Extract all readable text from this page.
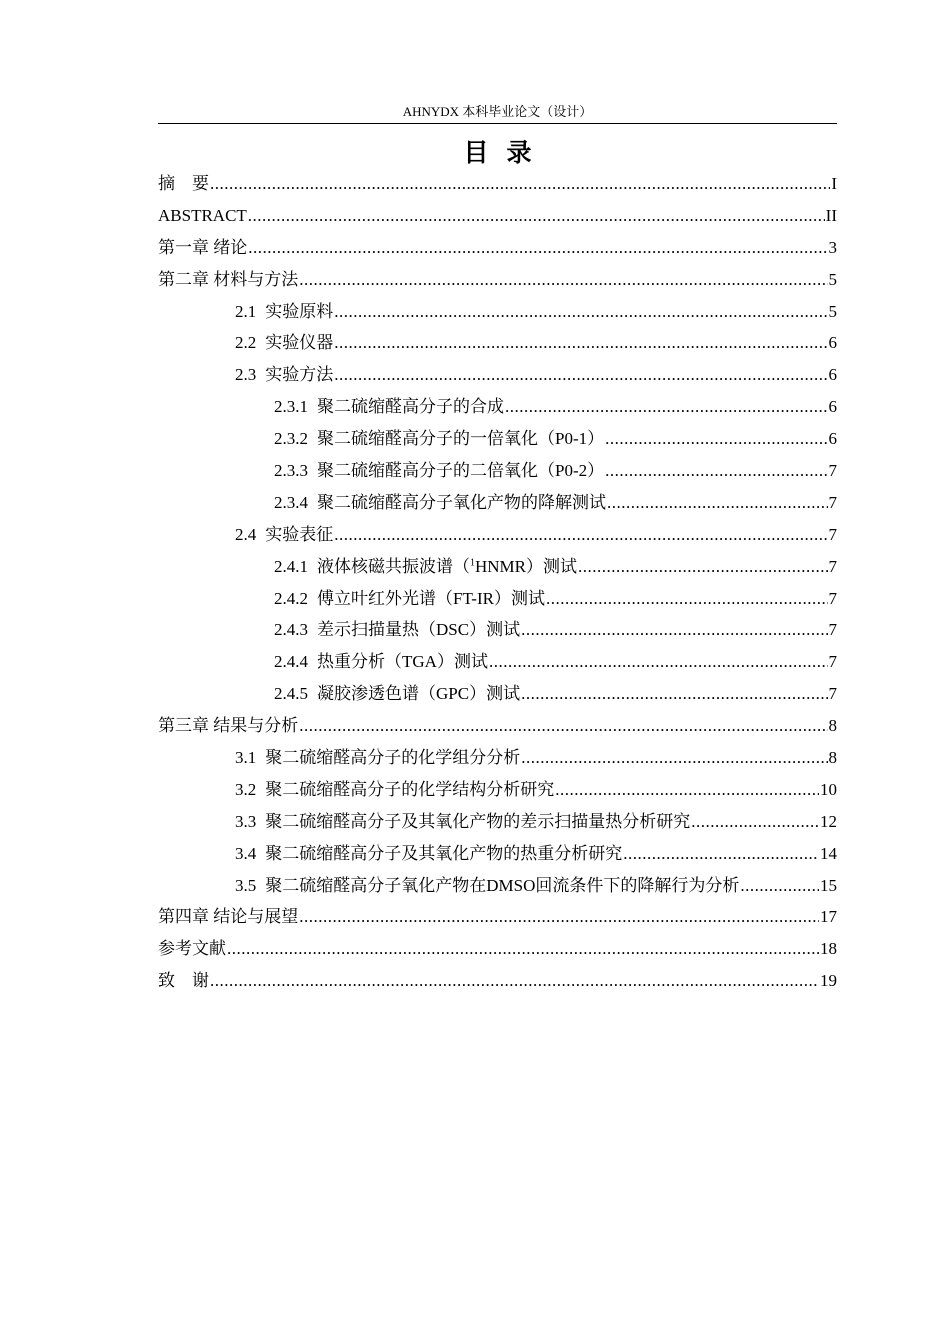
AHNYDX 本科毕业论文（设计）
目录
摘　要 .....	I
ABSTRACT .....	II
第一章 绪论 .....	3
第二章 材料与方法 .....	5
2.1 实验原料 .....	5
2.2 实验仪器 .....	6
2.3 实验方法 .....	6
2.3.1 聚二硫缩醛高分子的合成 .....	6
2.3.2 聚二硫缩醛高分子的一倍氧化（P0-1） .....	6
2.3.3 聚二硫缩醛高分子的二倍氧化（P0-2） .....	7
2.3.4 聚二硫缩醛高分子氧化产物的降解测试 .....	7
2.4 实验表征 .....	7
2.4.1 液体核磁共振波谱（$^1$HNMR）测试 .....	7
2.4.2 傅立叶红外光谱（FT-IR）测试 .....	7
2.4.3 差示扫描量热（DSC）测试 .....	7
2.4.4 热重分析（TGA）测试 .....	7
2.4.5 凝胶渗透色谱（GPC）测试 .....	7
第三章 结果与分析 .....	8
3.1 聚二硫缩醛高分子的化学组分分析 .....	8
3.2 聚二硫缩醛高分子的化学结构分析研究 .....	10
3.3 聚二硫缩醛高分子及其氧化产物的差示扫描量热分析研究 .....	12
3.4 聚二硫缩醛高分子及其氧化产物的热重分析研究 .....	14
3.5 聚二硫缩醛高分子氧化产物在DMSO回流条件下的降解行为分析 .....	15
第四章 结论与展望 .....	17
参考文献 .....	18
致　谢 .....	19
